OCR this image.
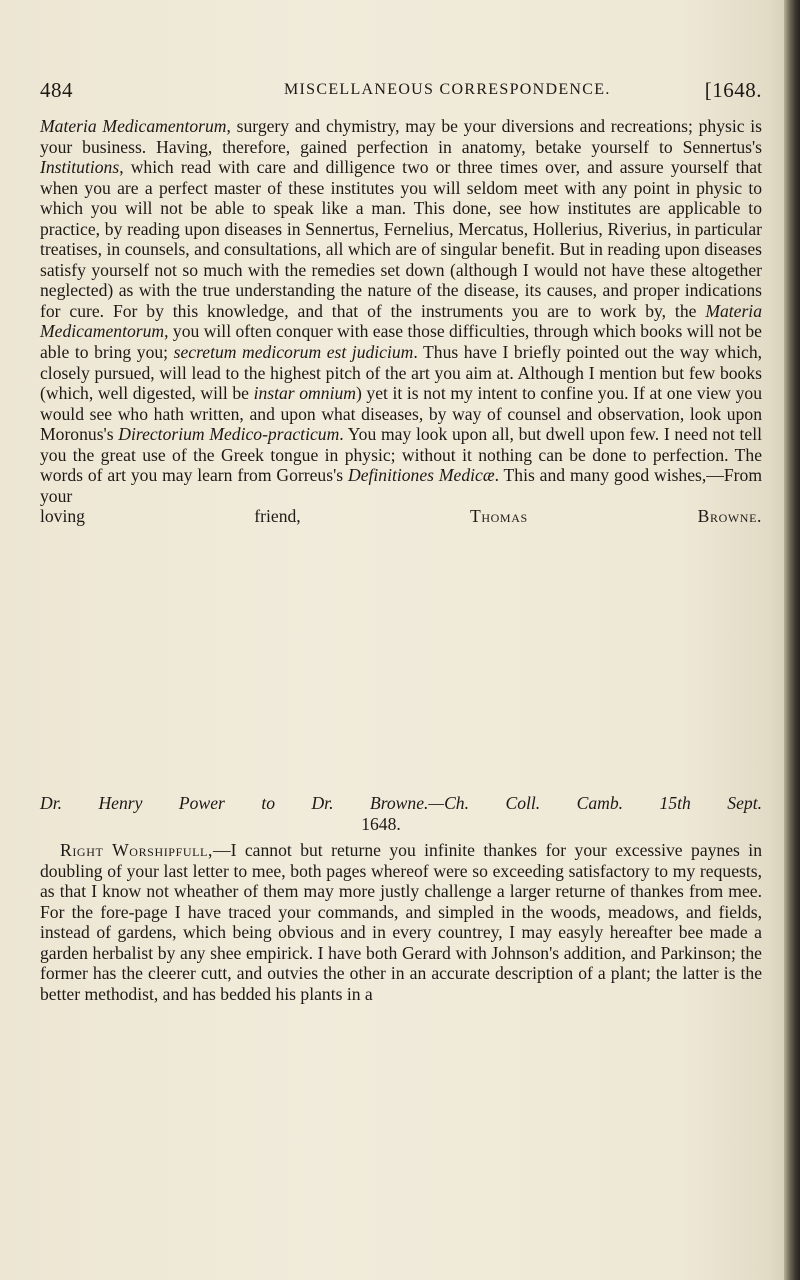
484	MISCELLANEOUS CORRESPONDENCE.	[1648.

Materia Medicamentorum, surgery and chymistry, may be your diversions and recreations; physic is your business. Having, therefore, gained perfection in anatomy, betake yourself to Sennertus's Institutions, which read with care and dilligence two or three times over, and assure yourself that when you are a perfect master of these institutes you will seldom meet with any point in physic to which you will not be able to speak like a man. This done, see how institutes are applicable to practice, by reading upon diseases in Sennertus, Fernelius, Mercatus, Hollerius, Riverius, in particular treatises, in counsels, and consultations, all which are of singular benefit. But in reading upon diseases satisfy yourself not so much with the remedies set down (although I would not have these altogether neglected) as with the true understanding the nature of the disease, its causes, and proper indications for cure. For by this knowledge, and that of the instruments you are to work by, the Materia Medicamentorum, you will often conquer with ease those difficulties, through which books will not be able to bring you; secretum medicorum est judicium. Thus have I briefly pointed out the way which, closely pursued, will lead to the highest pitch of the art you aim at. Although I mention but few books (which, well digested, will be instar omnium) yet it is not my intent to confine you. If at one view you would see who hath written, and upon what diseases, by way of counsel and observation, look upon Moronus's Directorium Medico-practicum. You may look upon all, but dwell upon few. I need not tell you the great use of the Greek tongue in physic; without it nothing can be done to perfection. The words of art you may learn from Gorreus's Definitiones Medicæ. This and many good wishes,—From your

loving friend,	Thomas Browne.

Dr. Henry Power to Dr. Browne.—Ch. Coll. Camb. 15th Sept.
1648.

Right Worshipfull,—I cannot but returne you infinite thankes for your excessive paynes in doubling of your last letter to mee, both pages whereof were so exceeding satisfactory to my requests, as that I know not wheather of them may more justly challenge a larger returne of thankes from mee. For the fore-page I have traced your commands, and simpled in the woods, meadows, and fields, instead of gardens, which being obvious and in every countrey, I may easyly hereafter bee made a garden herbalist by any shee empirick. I have both Gerard with Johnson's addition, and Parkinson; the former has the cleerer cutt, and outvies the other in an accurate description of a plant; the latter is the better methodist, and has bedded his plants in a
